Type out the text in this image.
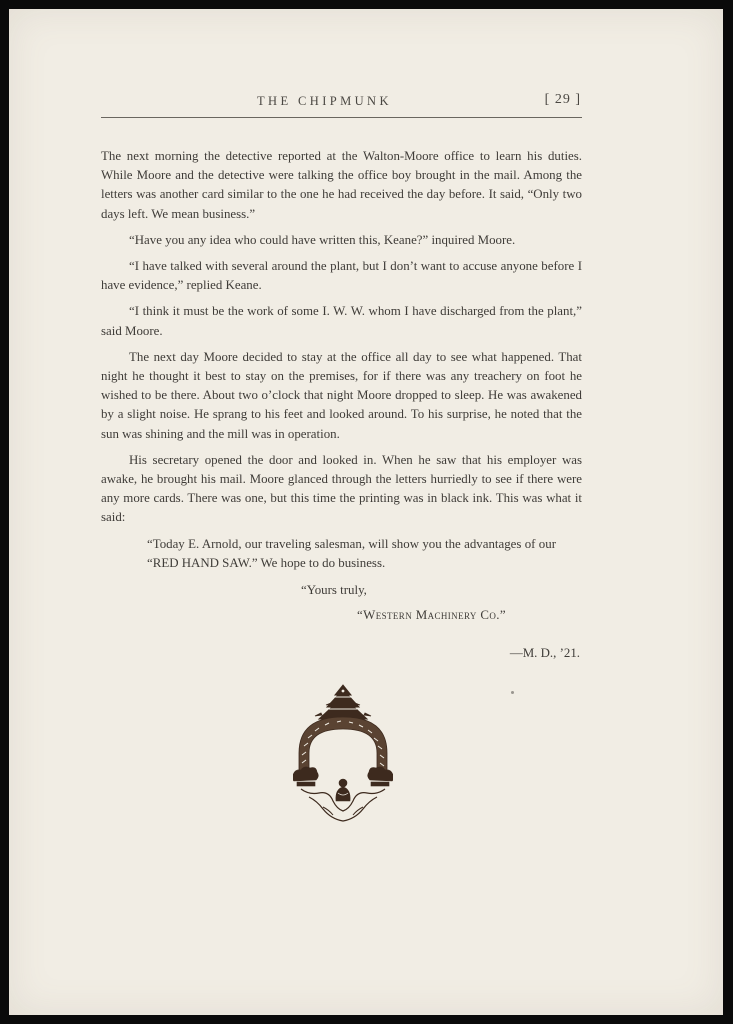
THE CHIPMUNK	[ 29 ]

The next morning the detective reported at the Walton-Moore office to learn his duties. While Moore and the detective were talking the office boy brought in the mail. Among the letters was another card similar to the one he had received the day before. It said, “Only two days left. We mean business.”

“Have you any idea who could have written this, Keane?” inquired Moore.

“I have talked with several around the plant, but I don’t want to accuse anyone before I have evidence,” replied Keane.

“I think it must be the work of some I. W. W. whom I have discharged from the plant,” said Moore.

The next day Moore decided to stay at the office all day to see what happened. That night he thought it best to stay on the premises, for if there was any treachery on foot he wished to be there. About two o’clock that night Moore dropped to sleep. He was awakened by a slight noise. He sprang to his feet and looked around. To his surprise, he noted that the sun was shining and the mill was in operation.

His secretary opened the door and looked in. When he saw that his employer was awake, he brought his mail. Moore glanced through the letters hurriedly to see if there were any more cards. There was one, but this time the printing was in black ink. This was what it said:

“Today E. Arnold, our traveling salesman, will show you the advantages of our “RED HAND SAW.” We hope to do business.

“Yours truly,

“Western Machinery Co.”

—M. D., ’21.
